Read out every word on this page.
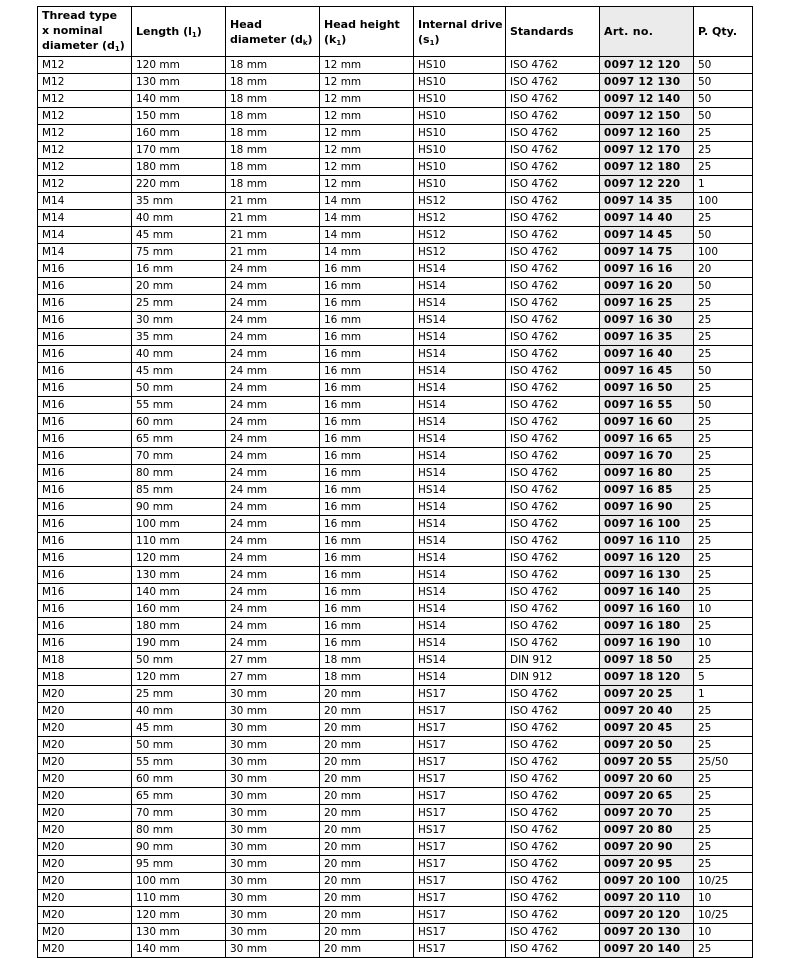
Thread type
x nominal
diameter $(d_1)$	Length $(l_1)$	Head diameter $(d_k)$	Head height $(k_1)$	Internal drive $(s_1)$	Standards	Art. no.	P. Qty.
M12	120 mm	18 mm	12 mm	HS10	ISO 4762	0097 12 120	50
M12	130 mm	18 mm	12 mm	HS10	ISO 4762	0097 12 130	50
M12	140 mm	18 mm	12 mm	HS10	ISO 4762	0097 12 140	50
M12	150 mm	18 mm	12 mm	HS10	ISO 4762	0097 12 150	50
M12	160 mm	18 mm	12 mm	HS10	ISO 4762	0097 12 160	25
M12	170 mm	18 mm	12 mm	HS10	ISO 4762	0097 12 170	25
M12	180 mm	18 mm	12 mm	HS10	ISO 4762	0097 12 180	25
M12	220 mm	18 mm	12 mm	HS10	ISO 4762	0097 12 220	1
M14	35 mm	21 mm	14 mm	HS12	ISO 4762	0097 14 35	100
M14	40 mm	21 mm	14 mm	HS12	ISO 4762	0097 14 40	25
M14	45 mm	21 mm	14 mm	HS12	ISO 4762	0097 14 45	50
M14	75 mm	21 mm	14 mm	HS12	ISO 4762	0097 14 75	100
M16	16 mm	24 mm	16 mm	HS14	ISO 4762	0097 16 16	20
M16	20 mm	24 mm	16 mm	HS14	ISO 4762	0097 16 20	50
M16	25 mm	24 mm	16 mm	HS14	ISO 4762	0097 16 25	25
M16	30 mm	24 mm	16 mm	HS14	ISO 4762	0097 16 30	25
M16	35 mm	24 mm	16 mm	HS14	ISO 4762	0097 16 35	25
M16	40 mm	24 mm	16 mm	HS14	ISO 4762	0097 16 40	25
M16	45 mm	24 mm	16 mm	HS14	ISO 4762	0097 16 45	50
M16	50 mm	24 mm	16 mm	HS14	ISO 4762	0097 16 50	25
M16	55 mm	24 mm	16 mm	HS14	ISO 4762	0097 16 55	50
M16	60 mm	24 mm	16 mm	HS14	ISO 4762	0097 16 60	25
M16	65 mm	24 mm	16 mm	HS14	ISO 4762	0097 16 65	25
M16	70 mm	24 mm	16 mm	HS14	ISO 4762	0097 16 70	25
M16	80 mm	24 mm	16 mm	HS14	ISO 4762	0097 16 80	25
M16	85 mm	24 mm	16 mm	HS14	ISO 4762	0097 16 85	25
M16	90 mm	24 mm	16 mm	HS14	ISO 4762	0097 16 90	25
M16	100 mm	24 mm	16 mm	HS14	ISO 4762	0097 16 100	25
M16	110 mm	24 mm	16 mm	HS14	ISO 4762	0097 16 110	25
M16	120 mm	24 mm	16 mm	HS14	ISO 4762	0097 16 120	25
M16	130 mm	24 mm	16 mm	HS14	ISO 4762	0097 16 130	25
M16	140 mm	24 mm	16 mm	HS14	ISO 4762	0097 16 140	25
M16	160 mm	24 mm	16 mm	HS14	ISO 4762	0097 16 160	10
M16	180 mm	24 mm	16 mm	HS14	ISO 4762	0097 16 180	25
M16	190 mm	24 mm	16 mm	HS14	ISO 4762	0097 16 190	10
M18	50 mm	27 mm	18 mm	HS14	DIN 912	0097 18 50	25
M18	120 mm	27 mm	18 mm	HS14	DIN 912	0097 18 120	5
M20	25 mm	30 mm	20 mm	HS17	ISO 4762	0097 20 25	1
M20	40 mm	30 mm	20 mm	HS17	ISO 4762	0097 20 40	25
M20	45 mm	30 mm	20 mm	HS17	ISO 4762	0097 20 45	25
M20	50 mm	30 mm	20 mm	HS17	ISO 4762	0097 20 50	25
M20	55 mm	30 mm	20 mm	HS17	ISO 4762	0097 20 55	25/50
M20	60 mm	30 mm	20 mm	HS17	ISO 4762	0097 20 60	25
M20	65 mm	30 mm	20 mm	HS17	ISO 4762	0097 20 65	25
M20	70 mm	30 mm	20 mm	HS17	ISO 4762	0097 20 70	25
M20	80 mm	30 mm	20 mm	HS17	ISO 4762	0097 20 80	25
M20	90 mm	30 mm	20 mm	HS17	ISO 4762	0097 20 90	25
M20	95 mm	30 mm	20 mm	HS17	ISO 4762	0097 20 95	25
M20	100 mm	30 mm	20 mm	HS17	ISO 4762	0097 20 100	10/25
M20	110 mm	30 mm	20 mm	HS17	ISO 4762	0097 20 110	10
M20	120 mm	30 mm	20 mm	HS17	ISO 4762	0097 20 120	10/25
M20	130 mm	30 mm	20 mm	HS17	ISO 4762	0097 20 130	10
M20	140 mm	30 mm	20 mm	HS17	ISO 4762	0097 20 140	25
